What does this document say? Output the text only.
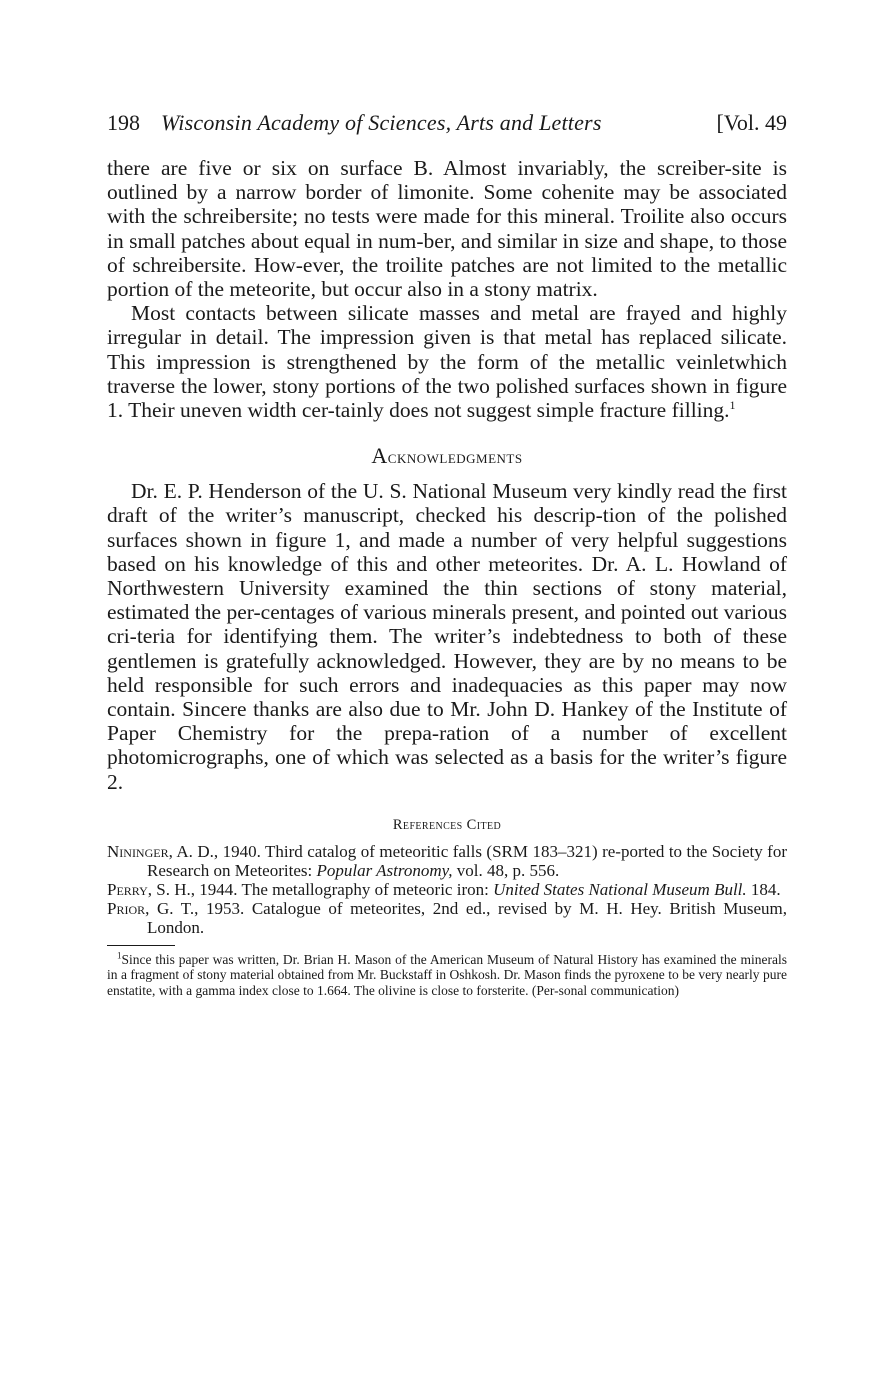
198 Wisconsin Academy of Sciences, Arts and Letters	[Vol. 49

there are five or six on surface B. Almost invariably, the screiber-site is outlined by a narrow border of limonite. Some cohenite may be associated with the schreibersite; no tests were made for this mineral. Troilite also occurs in small patches about equal in num-ber, and similar in size and shape, to those of schreibersite. How-ever, the troilite patches are not limited to the metallic portion of the meteorite, but occur also in a stony matrix.

Most contacts between silicate masses and metal are frayed and highly irregular in detail. The impression given is that metal has replaced silicate. This impression is strengthened by the form of the metallic veinletwhich traverse the lower, stony portions of the two polished surfaces shown in figure 1. Their uneven width cer-tainly does not suggest simple fracture filling.$^1$

Acknowledgments

Dr. E. P. Henderson of the U. S. National Museum very kindly read the first draft of the writer’s manuscript, checked his descrip-tion of the polished surfaces shown in figure 1, and made a number of very helpful suggestions based on his knowledge of this and other meteorites. Dr. A. L. Howland of Northwestern University examined the thin sections of stony material, estimated the per-centages of various minerals present, and pointed out various cri-teria for identifying them. The writer’s indebtedness to both of these gentlemen is gratefully acknowledged. However, they are by no means to be held responsible for such errors and inadequacies as this paper may now contain. Sincere thanks are also due to Mr. John D. Hankey of the Institute of Paper Chemistry for the prepa-ration of a number of excellent photomicrographs, one of which was selected as a basis for the writer’s figure 2.

References Cited

Nininger, A. D., 1940. Third catalog of meteoritic falls (SRM 183–321) re-ported to the Society for Research on Meteorites: Popular Astronomy, vol. 48, p. 556.

Perry, S. H., 1944. The metallography of meteoric iron: United States National Museum Bull. 184.

Prior, G. T., 1953. Catalogue of meteorites, 2nd ed., revised by M. H. Hey. British Museum, London.

$^1$Since this paper was written, Dr. Brian H. Mason of the American Museum of Natural History has examined the minerals in a fragment of stony material obtained from Mr. Buckstaff in Oshkosh. Dr. Mason finds the pyroxene to be very nearly pure enstatite, with a gamma index close to 1.664. The olivine is close to forsterite. (Per-sonal communication)
